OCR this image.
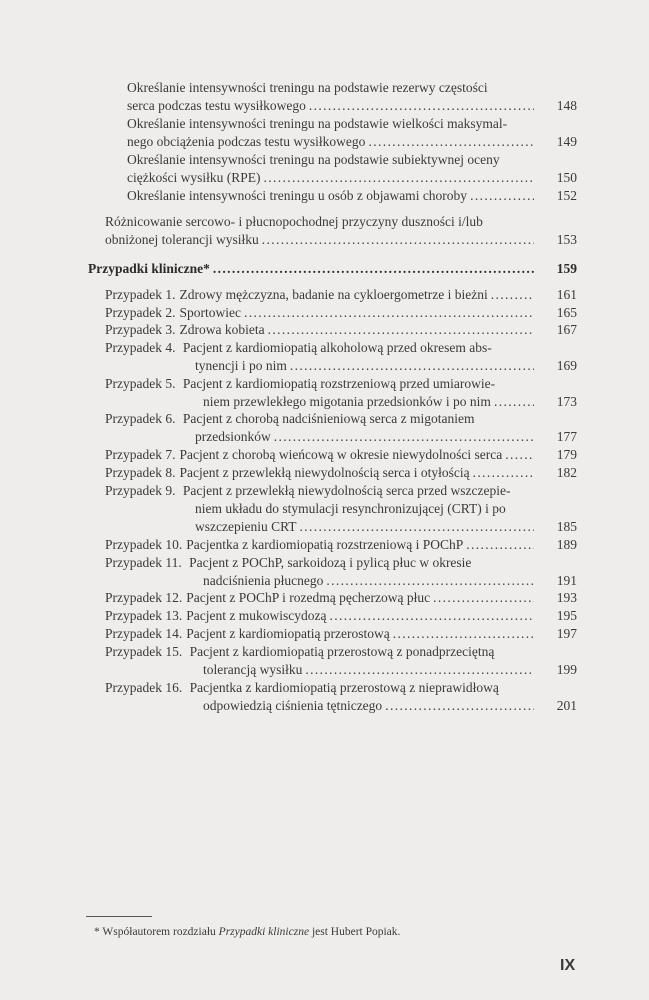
Określanie intensywności treningu na podstawie rezerwy częstości
serca podczas testu wysiłkowego . . .	148
Określanie intensywności treningu na podstawie wielkości maksymal-
nego obciążenia podczas testu wysiłkowego . . .	149
Określanie intensywności treningu na podstawie subiektywnej oceny
ciężkości wysiłku (RPE) . . .	150
Określanie intensywności treningu u osób z objawami choroby . . .	152
Różnicowanie sercowo- i płucnopochodnej przyczyny duszności i/lub
obniżonej tolerancji wysiłku . . .	153
Przypadki kliniczne* . . .	159
Przypadek 1. Zdrowy mężczyzna, badanie na cykloergometrze i bieżni . . .	161
Przypadek 2. Sportowiec . . .	165
Przypadek 3. Zdrowa kobieta . . .	167
Przypadek 4. Pacjent z kardiomiopatią alkoholową przed okresem abs-
tynencji i po nim . . .	169
Przypadek 5. Pacjent z kardiomiopatią rozstrzeniową przed umiarowie-
niem przewlekłego migotania przedsionków i po nim . . .	173
Przypadek 6. Pacjent z chorobą nadciśnieniową serca z migotaniem
przedsionków . . .	177
Przypadek 7. Pacjent z chorobą wieńcową w okresie niewydolności serca . . .	179
Przypadek 8. Pacjent z przewlekłą niewydolnością serca i otyłością . . .	182
Przypadek 9. Pacjent z przewlekłą niewydolnością serca przed wszczepie-
niem układu do stymulacji resynchronizującej (CRT) i po
wszczepieniu CRT . . .	185
Przypadek 10. Pacjentka z kardiomiopatią rozstrzeniową i POChP . . .	189
Przypadek 11. Pacjent z POChP, sarkoidozą i pylicą płuc w okresie
nadciśnienia płucnego . . .	191
Przypadek 12. Pacjent z POChP i rozedmą pęcherzową płuc . . .	193
Przypadek 13. Pacjent z mukowiscydozą . . .	195
Przypadek 14. Pacjent z kardiomiopatią przerostową . . .	197
Przypadek 15. Pacjent z kardiomiopatią przerostową z ponadprzeciętną
tolerancją wysiłku . . .	199
Przypadek 16. Pacjentka z kardiomiopatią przerostową z nieprawidłową
odpowiedzią ciśnienia tętniczego . . .	201
* Współautorem rozdziału Przypadki kliniczne jest Hubert Popiak.
IX
